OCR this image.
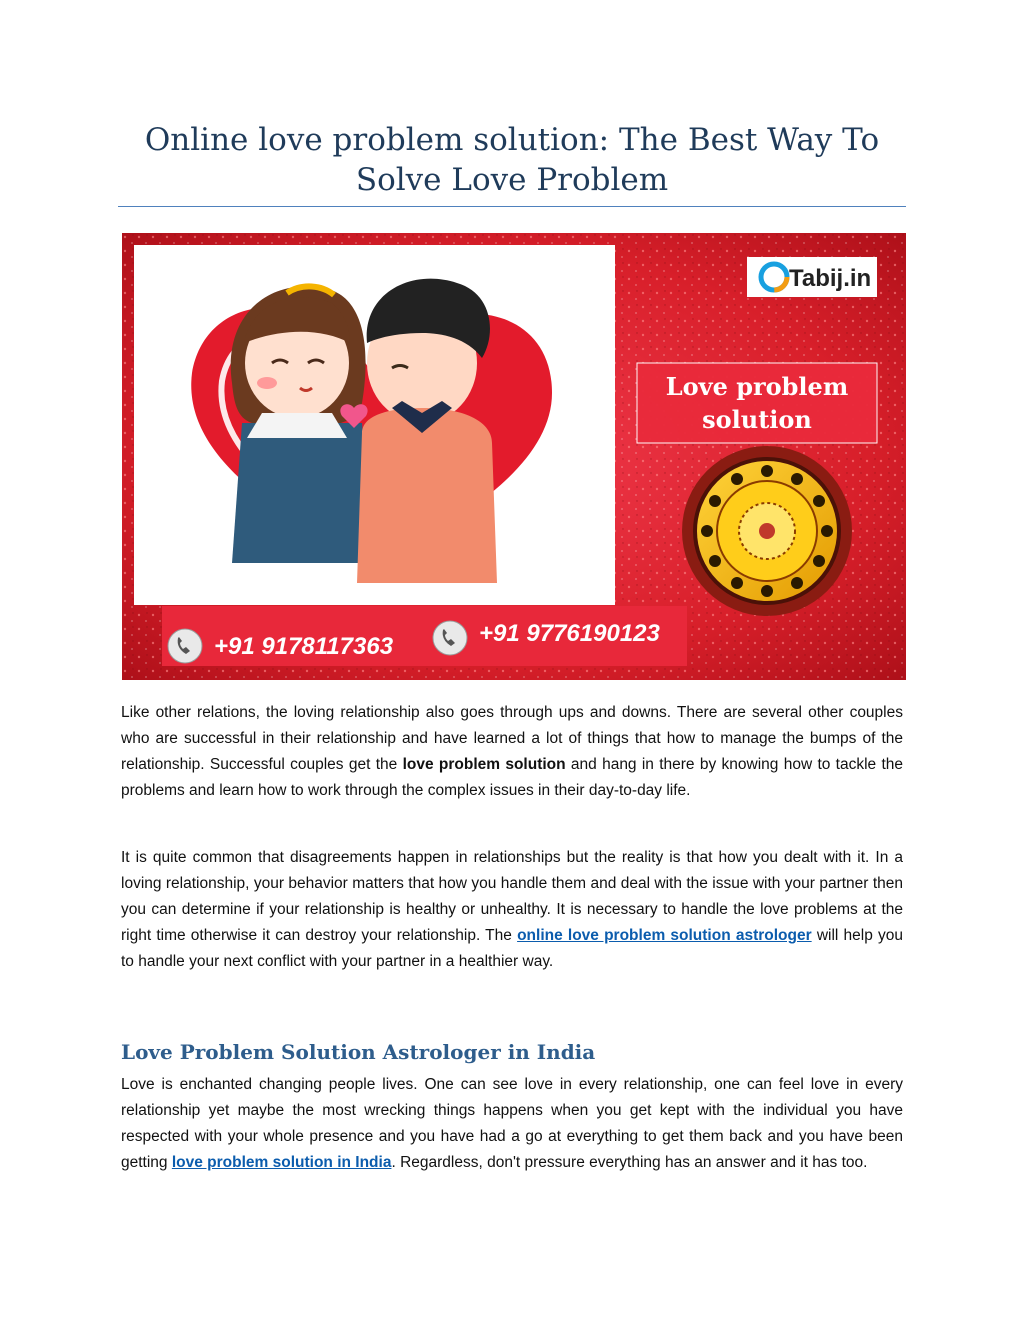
Online love problem solution: The Best Way To Solve Love Problem
Tabij.in
Love problem
solution
+91 9178117363	+91 9776190123

Like other relations, the loving relationship also goes through ups and downs. There are several other couples who are successful in their relationship and have learned a lot of things that how to manage the bumps of the relationship. Successful couples get the love problem solution and hang in there by knowing how to tackle the problems and learn how to work through the complex issues in their day-to-day life.

It is quite common that disagreements happen in relationships but the reality is that how you dealt with it. In a loving relationship, your behavior matters that how you handle them and deal with the issue with your partner then you can determine if your relationship is healthy or unhealthy. It is necessary to handle the love problems at the right time otherwise it can destroy your relationship. The online love problem solution astrologer will help you to handle your next conflict with your partner in a healthier way.

Love Problem Solution Astrologer in India

Love is enchanted changing people lives. One can see love in every relationship, one can feel love in every relationship yet maybe the most wrecking things happens when you get kept with the individual you have respected with your whole presence and you have had a go at everything to get them back and you have been getting love problem solution in India. Regardless, don't pressure everything has an answer and it has too.
